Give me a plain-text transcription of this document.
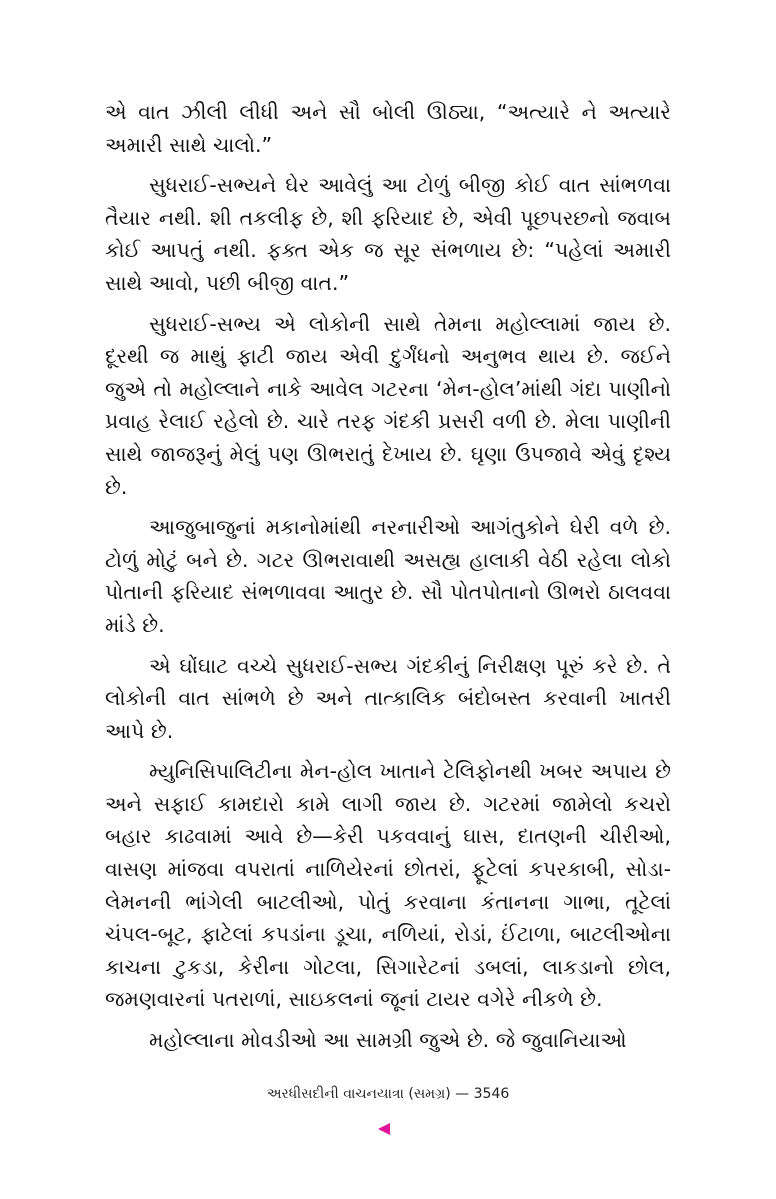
એ વાત ઝીલી લીધી અને સૌ બોલી ઊઠ્યા, “અત્યારે ને અત્યારે અમારી સાથે ચાલો.”

સુધરાઈ-સભ્યને ઘેર આવેલું આ ટોળું બીજી કોઈ વાત સાંભળવા તૈયાર નથી. શી તકલીફ છે, શી ફરિયાદ છે, એવી પૂછપરછનો જવાબ કોઈ આપતું નથી. ફક્ત એક જ સૂર સંભળાય છે: “પહેલાં અમારી સાથે આવો, પછી બીજી વાત.”

સુધરાઈ-સભ્ય એ લોકોની સાથે તેમના મહોલ્લામાં જાય છે. દૂરથી જ માથું ફાટી જાય એવી દુર્ગંધનો અનુભવ થાય છે. જઈને જુએ તો મહોલ્લાને નાકે આવેલ ગટરના ‘મેન-હોલ’માંથી ગંદા પાણીનો પ્રવાહ રેલાઈ રહેલો છે. ચારે તરફ ગંદકી પ્રસરી વળી છે. મેલા પાણીની સાથે જાજરૂનું મેલું પણ ઊભરાતું દેખાય છે. ઘૃણા ઉપજાવે એવું દૃશ્ય છે.

આજુબાજુનાં મકાનોમાંથી નરનારીઓ આગંતુકોને ઘેરી વળે છે. ટોળું મોટું બને છે. ગટર ઊભરાવાથી અસહ્ય હાલાકી વેઠી રહેલા લોકો પોતાની ફરિયાદ સંભળાવવા આતુર છે. સૌ પોતપોતાનો ઊભરો ઠાલવવા માંડે છે.

એ ઘોંઘાટ વચ્ચે સુધરાઈ-સભ્ય ગંદકીનું નિરીક્ષણ પૂરું કરે છે. તે લોકોની વાત સાંભળે છે અને તાત્કાલિક બંદોબસ્ત કરવાની ખાતરી આપે છે.

મ્યુનિસિપાલિટીના મેન-હોલ ખાતાને ટેલિફોનથી ખબર અપાય છે અને સફાઈ કામદારો કામે લાગી જાય છે. ગટરમાં જામેલો કચરો બહાર કાઢવામાં આવે છે—કેરી પકવવાનું ઘાસ, દાતણની ચીરીઓ, વાસણ માંજવા વપરાતાં નાળિયેરનાં છોતરાં, ફૂટેલાં કપરકાબી, સોડા-લેમનની ભાંગેલી બાટલીઓ, પોતું કરવાના કંતાનના ગાભા, તૂટેલાં ચંપલ-બૂટ, ફાટેલાં કપડાંના ડૂચા, નળિયાં, રોડાં, ઈંટાળા, બાટલીઓના કાચના ટુકડા, કેરીના ગોટલા, સિગારેટનાં ડબલાં, લાકડાનો છોલ, જમણવારનાં પતરાળાં, સાઇકલનાં જૂનાં ટાયર વગેરે નીકળે છે.

મહોલ્લાના મોવડીઓ આ સામગ્રી જુએ છે. જે જુવાનિયાઓ

અરધીસદીની વાચનયાત્રા (સમગ્ર) — 3546
